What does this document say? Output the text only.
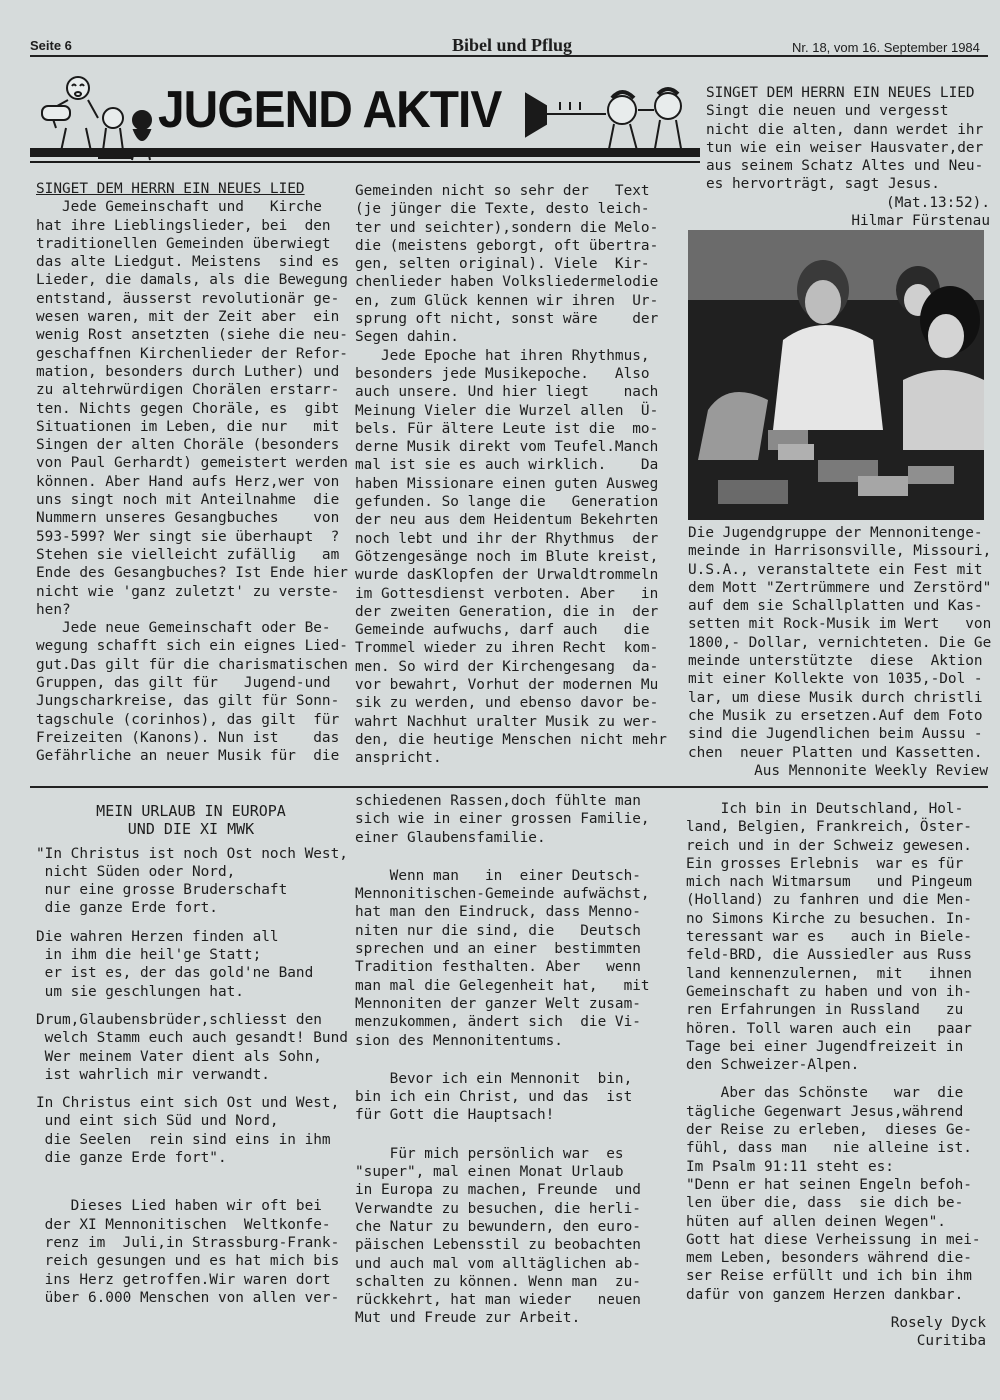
Seite 6	Bibel und Pflug	Nr. 18, vom 16. September 1984
JUGEND AKTIV	SINGET DEM HERRN EIN NEUES LIED

Singt die neuen und vergesst

nicht die alten, dann werdet ihr

tun wie ein weiser Hausvater,der

aus seinem Schatz Altes und Neu-

es hervorträgt, sagt Jesus.

(Mat.13:52).

Hilmar Fürstenau

Die Jugendgruppe der Mennonitenge-

meinde in Harrisonsville, Missouri,

U.S.A., veranstaltete ein Fest mit

dem Mott "Zertrümmere und Zerstörd"

auf dem sie Schallplatten und Kas-

setten mit Rock-Musik im Wert   von

1800,- Dollar, vernichteten. Die Ge

meinde unterstützte  diese  Aktion

mit einer Kollekte von 1035,-Dol -

lar, um diese Musik durch christli

che Musik zu ersetzen.Auf dem Foto

sind die Jugendlichen beim Aussu -

chen  neuer Platten und Kassetten.

Aus Mennonite Weekly Review

SINGET DEM HERRN EIN NEUES LIED

Jede Gemeinschaft und   Kirche

hat ihre Lieblingslieder, bei  den

traditionellen Gemeinden überwiegt

das alte Liedgut. Meistens  sind es

Lieder, die damals, als die Bewegung

entstand, äusserst revolutionär ge-

wesen waren, mit der Zeit aber  ein

wenig Rost ansetzten (siehe die neu-

geschaffnen Kirchenlieder der Refor-

mation, besonders durch Luther) und

zu altehrwürdigen Chorälen erstarr-

ten. Nichts gegen Choräle, es  gibt

Situationen im Leben, die nur   mit

Singen der alten Choräle (besonders

von Paul Gerhardt) gemeistert werden

können. Aber Hand aufs Herz,wer von

uns singt noch mit Anteilnahme  die

Nummern unseres Gesangbuches    von

593-599? Wer singt sie überhaupt  ?

Stehen sie vielleicht zufällig   am

Ende des Gesangbuches? Ist Ende hier

nicht wie 'ganz zuletzt' zu verste-

hen?

Jede neue Gemeinschaft oder Be-

wegung schafft sich ein eignes Lied-

gut.Das gilt für die charismatischen

Gruppen, das gilt für   Jugend-und

Jungscharkreise, das gilt für Sonn-

tagschule (corinhos), das gilt  für

Freizeiten (Kanons). Nun ist    das

Gefährliche an neuer Musik für  die

Gemeinden nicht so sehr der   Text

(je jünger die Texte, desto leich-

ter und seichter),sondern die Melo-

die (meistens geborgt, oft übertra-

gen, selten original). Viele  Kir-

chenlieder haben Volksliedermelodie

en, zum Glück kennen wir ihren  Ur-

sprung oft nicht, sonst wäre    der

Segen dahin.

Jede Epoche hat ihren Rhythmus,

besonders jede Musikepoche.   Also

auch unsere. Und hier liegt    nach

Meinung Vieler die Wurzel allen  Ü-

bels. Für ältere Leute ist die  mo-

derne Musik direkt vom Teufel.Manch

mal ist sie es auch wirklich.    Da

haben Missionare einen guten Ausweg

gefunden. So lange die   Generation

der neu aus dem Heidentum Bekehrten

noch lebt und ihr der Rhythmus  der

Götzengesänge noch im Blute kreist,

wurde dasKlopfen der Urwaldtrommeln

im Gottesdienst verboten. Aber   in

der zweiten Generation, die in  der

Gemeinde aufwuchs, darf auch   die

Trommel wieder zu ihren Recht  kom-

men. So wird der Kirchengesang  da-

vor bewahrt, Vorhut der modernen Mu

sik zu werden, und ebenso davor be-

wahrt Nachhut uralter Musik zu wer-

den, die heutige Menschen nicht mehr

anspricht.

MEIN URLAUB IN EUROPA

UND DIE XI MWK

"In Christus ist noch Ost noch West,

nicht Süden oder Nord,

nur eine grosse Bruderschaft

die ganze Erde fort.

Die wahren Herzen finden all

in ihm die heil'ge Statt;

er ist es, der das gold'ne Band

um sie geschlungen hat.

Drum,Glaubensbrüder,schliesst den

welch Stamm euch auch gesandt! Bund

Wer meinem Vater dient als Sohn,

ist wahrlich mir verwandt.

In Christus eint sich Ost und West,

und eint sich Süd und Nord,

die Seelen  rein sind eins in ihm

die ganze Erde fort".

Dieses Lied haben wir oft bei

der XI Mennonitischen  Weltkonfe-

renz im  Juli,in Strassburg-Frank-

reich gesungen und es hat mich bis

ins Herz getroffen.Wir waren dort

über 6.000 Menschen von allen ver-

schiedenen Rassen,doch fühlte man

sich wie in einer grossen Familie,

einer Glaubensfamilie.

Wenn man   in  einer Deutsch-

Mennonitischen-Gemeinde aufwächst,

hat man den Eindruck, dass Menno-

niten nur die sind, die   Deutsch

sprechen und an einer  bestimmten

Tradition festhalten. Aber   wenn

man mal die Gelegenheit hat,   mit

Mennoniten der ganzer Welt zusam-

menzukommen, ändert sich  die Vi-

sion des Mennonitentums.

Bevor ich ein Mennonit  bin,

bin ich ein Christ, und das  ist

für Gott die Hauptsach!

Für mich persönlich war  es

"super", mal einen Monat Urlaub

in Europa zu machen, Freunde  und

Verwandte zu besuchen, die herli-

che Natur zu bewundern, den euro-

päischen Lebensstil zu beobachten

und auch mal vom alltäglichen ab-

schalten zu können. Wenn man  zu-

rückkehrt, hat man wieder   neuen

Mut und Freude zur Arbeit.

Ich bin in Deutschland, Hol-

land, Belgien, Frankreich, Öster-

reich und in der Schweiz gewesen.

Ein grosses Erlebnis  war es für

mich nach Witmarsum   und Pingeum

(Holland) zu fanhren und die Men-

no Simons Kirche zu besuchen. In-

teressant war es   auch in Biele-

feld-BRD, die Aussiedler aus Russ

land kennenzulernen,  mit   ihnen

Gemeinschaft zu haben und von ih-

ren Erfahrungen in Russland   zu

hören. Toll waren auch ein   paar

Tage bei einer Jugendfreizeit in

den Schweizer-Alpen.

Aber das Schönste   war  die

tägliche Gegenwart Jesus,während

der Reise zu erleben,  dieses Ge-

fühl, dass man   nie alleine ist.

Im Psalm 91:11 steht es:

"Denn er hat seinen Engeln befoh-

len über die, dass  sie dich be-

hüten auf allen deinen Wegen".

Gott hat diese Verheissung in mei-

mem Leben, besonders während die-

ser Reise erfüllt und ich bin ihm

dafür von ganzem Herzen dankbar.

Rosely Dyck

Curitiba
